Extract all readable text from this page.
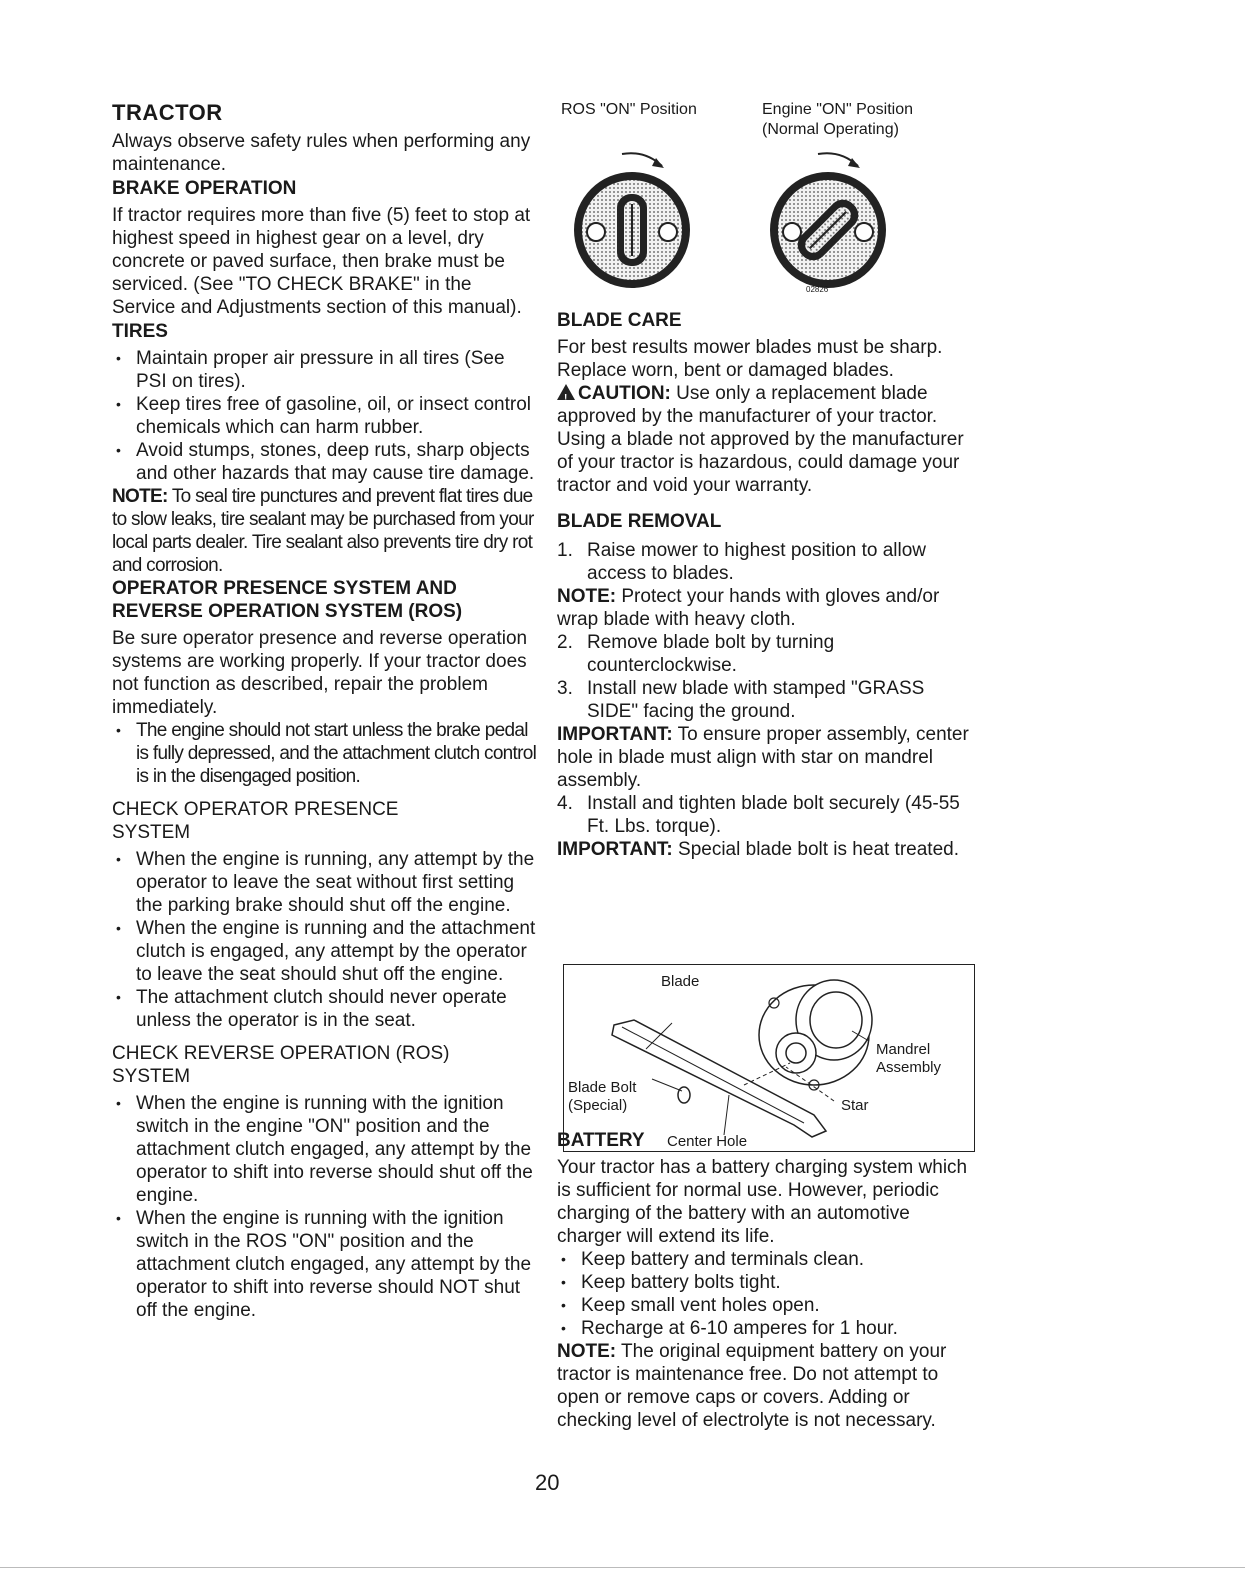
TRACTOR

Always observe safety rules when performing any maintenance.

BRAKE OPERATION

If tractor requires more than five (5) feet to stop at highest speed in highest gear on a level, dry concrete or paved surface, then brake must be serviced. (See "TO CHECK BRAKE" in the Service and Adjustments section of this manual).

TIRES
• Maintain proper air pressure in all tires (See PSI on tires).
• Keep tires free of gasoline, oil, or insect control chemicals which can harm rubber.
• Avoid stumps, stones, deep ruts, sharp objects and other hazards that may cause tire damage.

NOTE: To seal tire punctures and prevent flat tires due to slow leaks, tire sealant may be purchased from your local parts dealer. Tire sealant also prevents tire dry rot and corrosion.

OPERATOR PRESENCE SYSTEM AND REVERSE OPERATION SYSTEM (ROS)

Be sure operator presence and reverse operation systems are working properly. If your tractor does not function as described, repair the problem immediately.

• The engine should not start unless the brake pedal is fully depressed, and the attachment clutch control is in the disengaged position.

CHECK OPERATOR PRESENCE SYSTEM

• When the engine is running, any attempt by the operator to leave the seat without first setting the parking brake should shut off the engine.
• When the engine is running and the attachment clutch is engaged, any attempt by the operator to leave the seat should shut off the engine.
• The attachment clutch should never operate unless the operator is in the seat.

CHECK REVERSE OPERATION (ROS) SYSTEM

• When the engine is running with the ignition switch in the engine "ON" position and the attachment clutch engaged, any attempt by the operator to shift into reverse should shut off the engine.
• When the engine is running with the ignition switch in the ROS "ON" position and the attachment clutch engaged, any attempt by the operator to shift into reverse should NOT shut off the engine.
ROS "ON" Position	Engine "ON" Position
(Normal Operating)
02826
BLADE CARE

For best results mower blades must be sharp. Replace worn, bent or damaged blades.

!CAUTION: Use only a replacement blade approved by the manufacturer of your tractor. Using a blade not approved by the manufacturer of your tractor is hazardous, could damage your tractor and void your warranty.

BLADE REMOVAL
1. Raise mower to highest position to allow access to blades.

NOTE: Protect your hands with gloves and/or wrap blade with heavy cloth.

2. Remove blade bolt by turning counterclockwise.
3. Install new blade with stamped "GRASS SIDE" facing the ground.

IMPORTANT: To ensure proper assembly, center hole in blade must align with star on mandrel assembly.

4. Install and tighten blade bolt securely (45-55 Ft. Lbs. torque).

IMPORTANT: Special blade bolt is heat treated.

BATTERY

Your tractor has a battery charging system which is sufficient for normal use. However, periodic charging of the battery with an automotive charger will extend its life.

• Keep battery and terminals clean.
• Keep battery bolts tight.
• Keep small vent holes open.
• Recharge at 6-10 amperes for 1 hour.

NOTE: The original equipment battery on your tractor is maintenance free. Do not attempt to open or remove caps or covers. Adding or checking level of electrolyte is not necessary.

Blade
Mandrel
Assembly
Blade Bolt
(Special)	Star
Center Hole
20
